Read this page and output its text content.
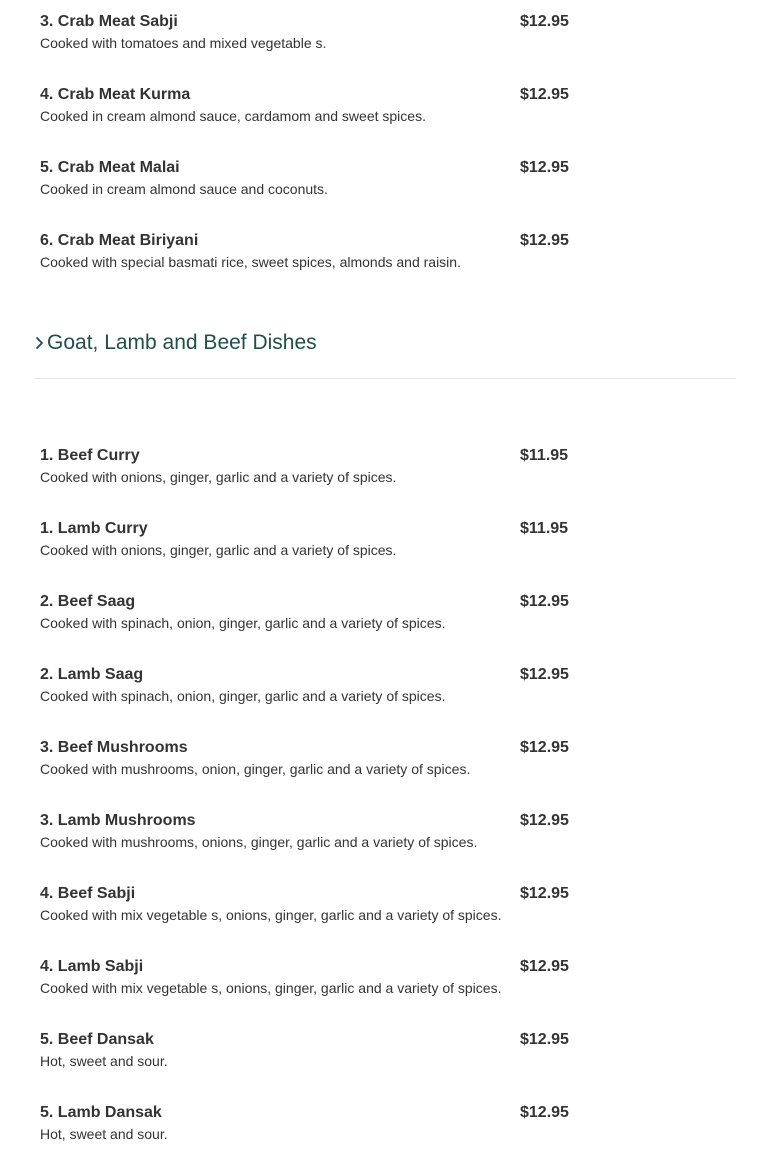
3. Crab Meat Sabji	$12.95
Cooked with tomatoes and mixed vegetable s.
4. Crab Meat Kurma	$12.95
Cooked in cream almond sauce, cardamom and sweet spices.
5. Crab Meat Malai	$12.95
Cooked in cream almond sauce and coconuts.
6. Crab Meat Biriyani	$12.95
Cooked with special basmati rice, sweet spices, almonds and raisin.
Goat, Lamb and Beef Dishes
1. Beef Curry	$11.95
Cooked with onions, ginger, garlic and a variety of spices.
1. Lamb Curry	$11.95
Cooked with onions, ginger, garlic and a variety of spices.
2. Beef Saag	$12.95
Cooked with spinach, onion, ginger, garlic and a variety of spices.
2. Lamb Saag	$12.95
Cooked with spinach, onion, ginger, garlic and a variety of spices.
3. Beef Mushrooms	$12.95
Cooked with mushrooms, onion, ginger, garlic and a variety of spices.
3. Lamb Mushrooms	$12.95
Cooked with mushrooms, onions, ginger, garlic and a variety of spices.
4. Beef Sabji	$12.95
Cooked with mix vegetable s, onions, ginger, garlic and a variety of spices.
4. Lamb Sabji	$12.95
Cooked with mix vegetable s, onions, ginger, garlic and a variety of spices.
5. Beef Dansak	$12.95
Hot, sweet and sour.
5. Lamb Dansak	$12.95
Hot, sweet and sour.
